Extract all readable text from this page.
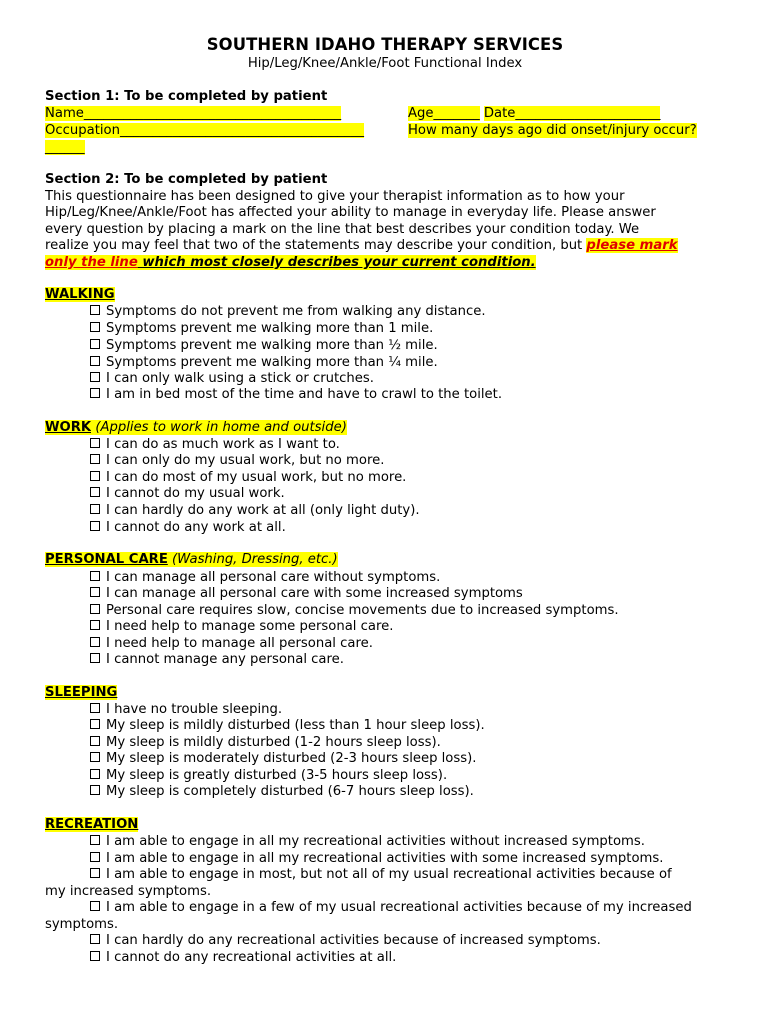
SOUTHERN IDAHO THERAPY SERVICES
Hip/Leg/Knee/Ankle/Foot Functional Index
Section 1: To be completed by patient
Name_______________________________________	Age_______ Date______________________
Occupation_____________________________________	How many days ago did onset/injury occur?
______
Section 2: To be completed by patient
This questionnaire has been designed to give your therapist information as to how your
Hip/Leg/Knee/Ankle/Foot has affected your ability to manage in everyday life. Please answer
every question by placing a mark on the line that best describes your condition today. We
realize you may feel that two of the statements may describe your condition, but please mark
only the line which most closely describes your current condition.
WALKING
Symptoms do not prevent me from walking any distance.
Symptoms prevent me walking more than 1 mile.
Symptoms prevent me walking more than ½ mile.
Symptoms prevent me walking more than ¼ mile.
I can only walk using a stick or crutches.
I am in bed most of the time and have to crawl to the toilet.
WORK (Applies to work in home and outside)
I can do as much work as I want to.
I can only do my usual work, but no more.
I can do most of my usual work, but no more.
I cannot do my usual work.
I can hardly do any work at all (only light duty).
I cannot do any work at all.
PERSONAL CARE (Washing, Dressing, etc.)
I can manage all personal care without symptoms.
I can manage all personal care with some increased symptoms
Personal care requires slow, concise movements due to increased symptoms.
I need help to manage some personal care.
I need help to manage all personal care.
I cannot manage any personal care.
SLEEPING
I have no trouble sleeping.
My sleep is mildly disturbed (less than 1 hour sleep loss).
My sleep is mildly disturbed (1-2 hours sleep loss).
My sleep is moderately disturbed (2-3 hours sleep loss).
My sleep is greatly disturbed (3-5 hours sleep loss).
My sleep is completely disturbed (6-7 hours sleep loss).
RECREATION
I am able to engage in all my recreational activities without increased symptoms.
I am able to engage in all my recreational activities with some increased symptoms.
I am able to engage in most, but not all of my usual recreational activities because of
my increased symptoms.
I am able to engage in a few of my usual recreational activities because of my increased
symptoms.
I can hardly do any recreational activities because of increased symptoms.
I cannot do any recreational activities at all.
